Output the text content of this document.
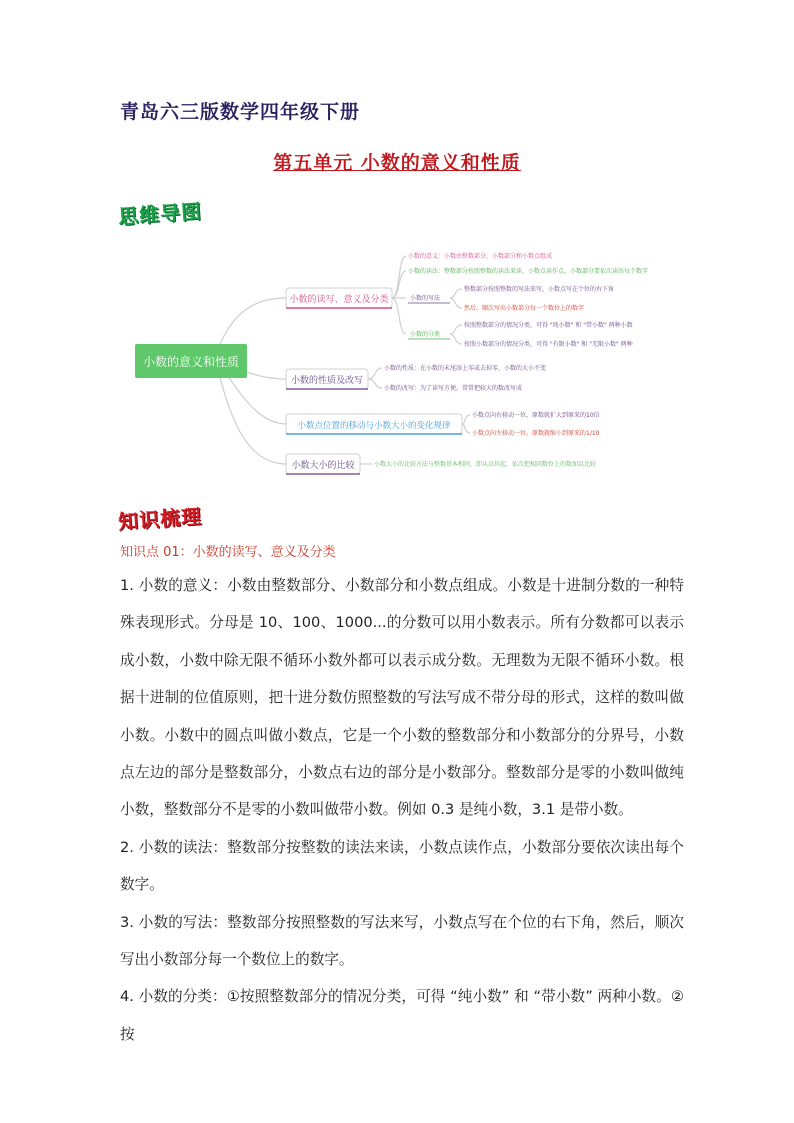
青岛六三版数学四年级下册
第五单元 小数的意义和性质
思维导图
小数的意义和性质
小数的读写、意义及分类
小数的意义：小数由整数部分、小数部分和小数点组成
小数的读法：整数部分按照整数的读法来读，小数点读作点，小数部分要依次读出每个数字
小数的写法
整数部分按照整数的写法来写，小数点写在个位的右下角
然后，顺次写出小数部分每一个数位上的数字
小数的分类
按照整数部分的情况分类，可得 "纯小数" 和 "带小数" 两种小数
按照小数部分的情况分类，可得 "有限小数" 和 "无限小数" 两种
小数的性质及改写
小数的性质：在小数的末尾添上零或去掉零，小数的大小不变
小数的改写：为了读写方便，常常把较大的数改写成
小数点位置的移动与小数大小的变化规律
小数点向右移动一位，原数就扩大到原来的10倍
小数点向左移动一位，原数就缩小到原来的1/10
小数大小的比较	小数大小的比较方法与整数基本相同，即从高位起，依次把相同数位上的数加以比较
知识梳理
知识点 01：小数的读写、意义及分类

1. 小数的意义：小数由整数部分、小数部分和小数点组成。小数是十进制分数的一种特殊表现形式。分母是 10、100、1000...的分数可以用小数表示。所有分数都可以表示成小数，小数中除无限不循环小数外都可以表示成分数。无理数为无限不循环小数。根据十进制的位值原则，把十进分数仿照整数的写法写成不带分母的形式，这样的数叫做小数。小数中的圆点叫做小数点，它是一个小数的整数部分和小数部分的分界号，小数点左边的部分是整数部分，小数点右边的部分是小数部分。整数部分是零的小数叫做纯小数，整数部分不是零的小数叫做带小数。例如 0.3 是纯小数，3.1 是带小数。

2. 小数的读法：整数部分按整数的读法来读，小数点读作点，小数部分要依次读出每个数字。

3. 小数的写法：整数部分按照整数的写法来写，小数点写在个位的右下角，然后，顺次写出小数部分每一个数位上的数字。

4. 小数的分类：①按照整数部分的情况分类，可得 “纯小数” 和 “带小数” 两种小数。②按
